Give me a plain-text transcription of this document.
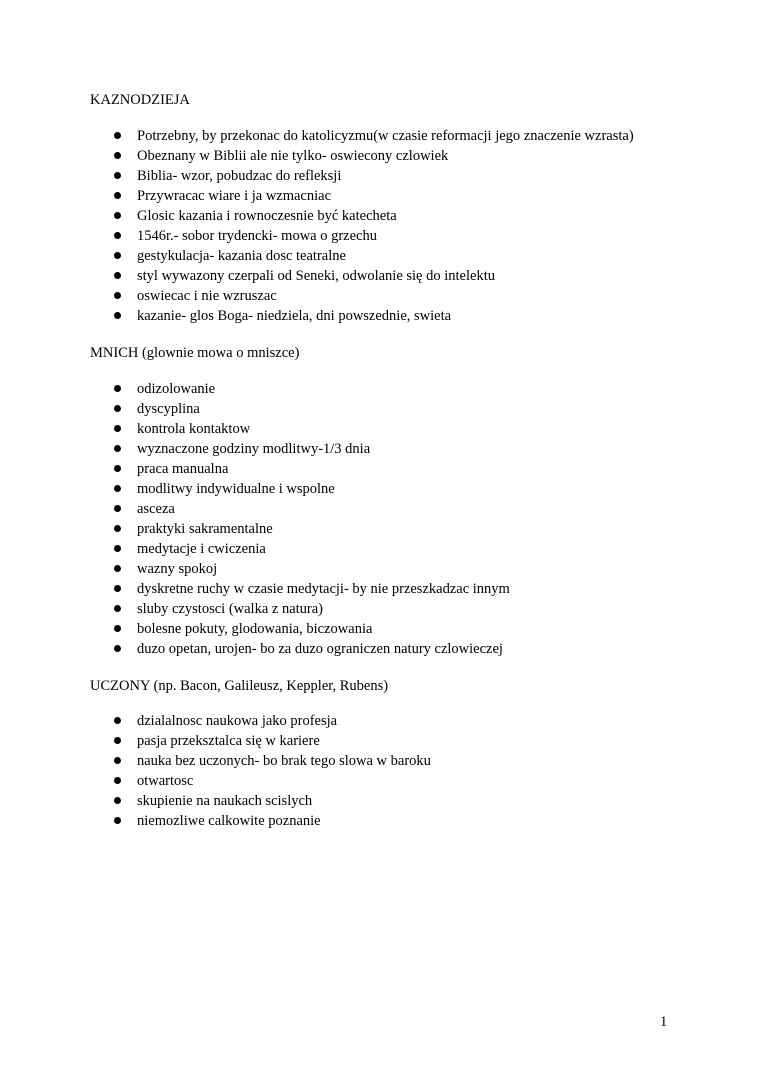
KAZNODZIEJA
Potrzebny, by przekonac do katolicyzmu(w czasie reformacji jego znaczenie wzrasta)
Obeznany w Biblii ale nie tylko- oswiecony czlowiek
Biblia- wzor, pobudzac do refleksji
Przywracac wiare i ja wzmacniac
Glosic kazania i rownoczesnie być katecheta
1546r.- sobor trydencki- mowa o grzechu
gestykulacja- kazania dosc teatralne
styl wywazony czerpali od Seneki, odwolanie się do intelektu
oswiecac i nie wzruszac
kazanie- glos Boga- niedziela, dni powszednie, swieta
MNICH (glownie mowa o mniszce)
odizolowanie
dyscyplina
kontrola kontaktow
wyznaczone godziny modlitwy-1/3 dnia
praca manualna
modlitwy indywidualne i wspolne
asceza
praktyki sakramentalne
medytacje i cwiczenia
wazny spokoj
dyskretne ruchy w czasie medytacji- by nie przeszkadzac innym
sluby czystosci (walka z natura)
bolesne pokuty, glodowania, biczowania
duzo opetan, urojen- bo za duzo ograniczen natury czlowieczej
UCZONY (np. Bacon, Galileusz, Keppler, Rubens)
dzialalnosc naukowa jako profesja
pasja przeksztalca się w kariere
nauka bez uczonych- bo brak tego slowa w baroku
otwartosc
skupienie na naukach scislych
niemozliwe calkowite poznanie
1
